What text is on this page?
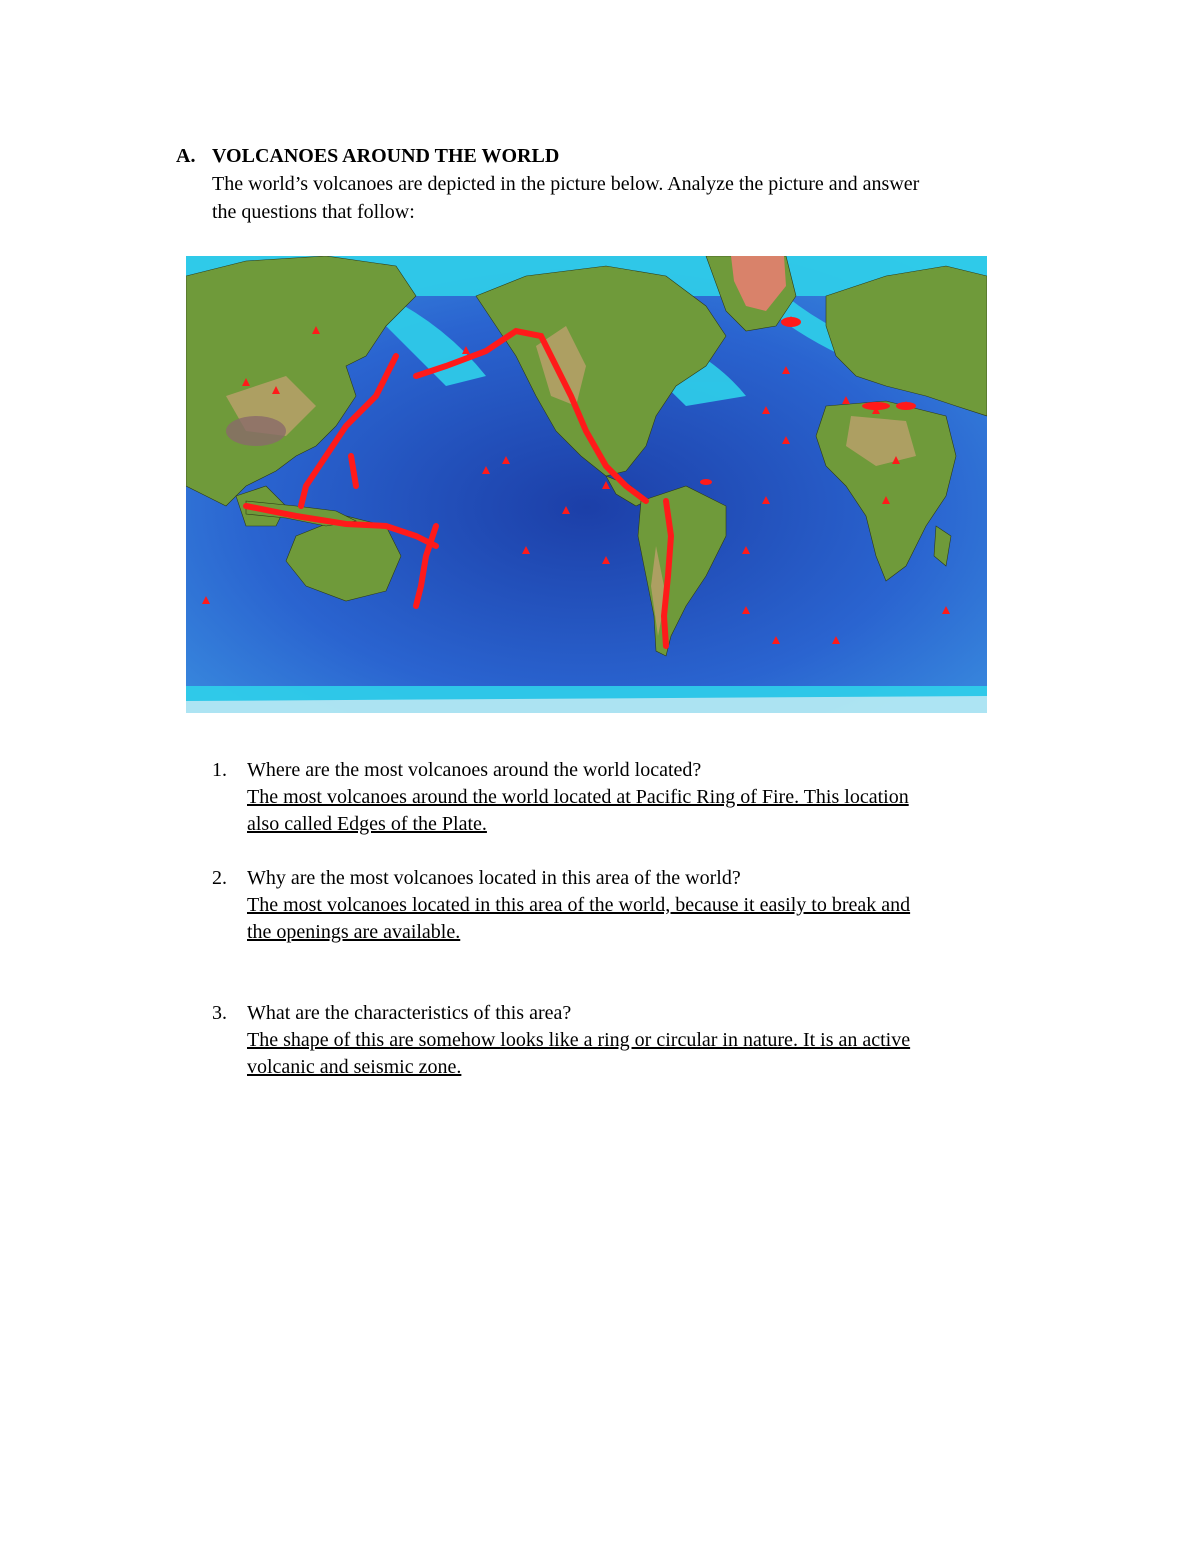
A. VOLCANOES AROUND THE WORLD
The world’s volcanoes are depicted in the picture below. Analyze the picture and answer
the questions that follow:
1.	Where are the most volcanoes around the world located?
The most volcanoes around the world located at Pacific Ring of Fire. This location
also called Edges of the Plate.
2.	Why are the most volcanoes located in this area of the world?
The most volcanoes located in this area of the world, because it easily to break and
the openings are available.
3.	What are the characteristics of this area?
The shape of this are somehow looks like a ring or circular in nature. It is an active
volcanic and seismic zone.
